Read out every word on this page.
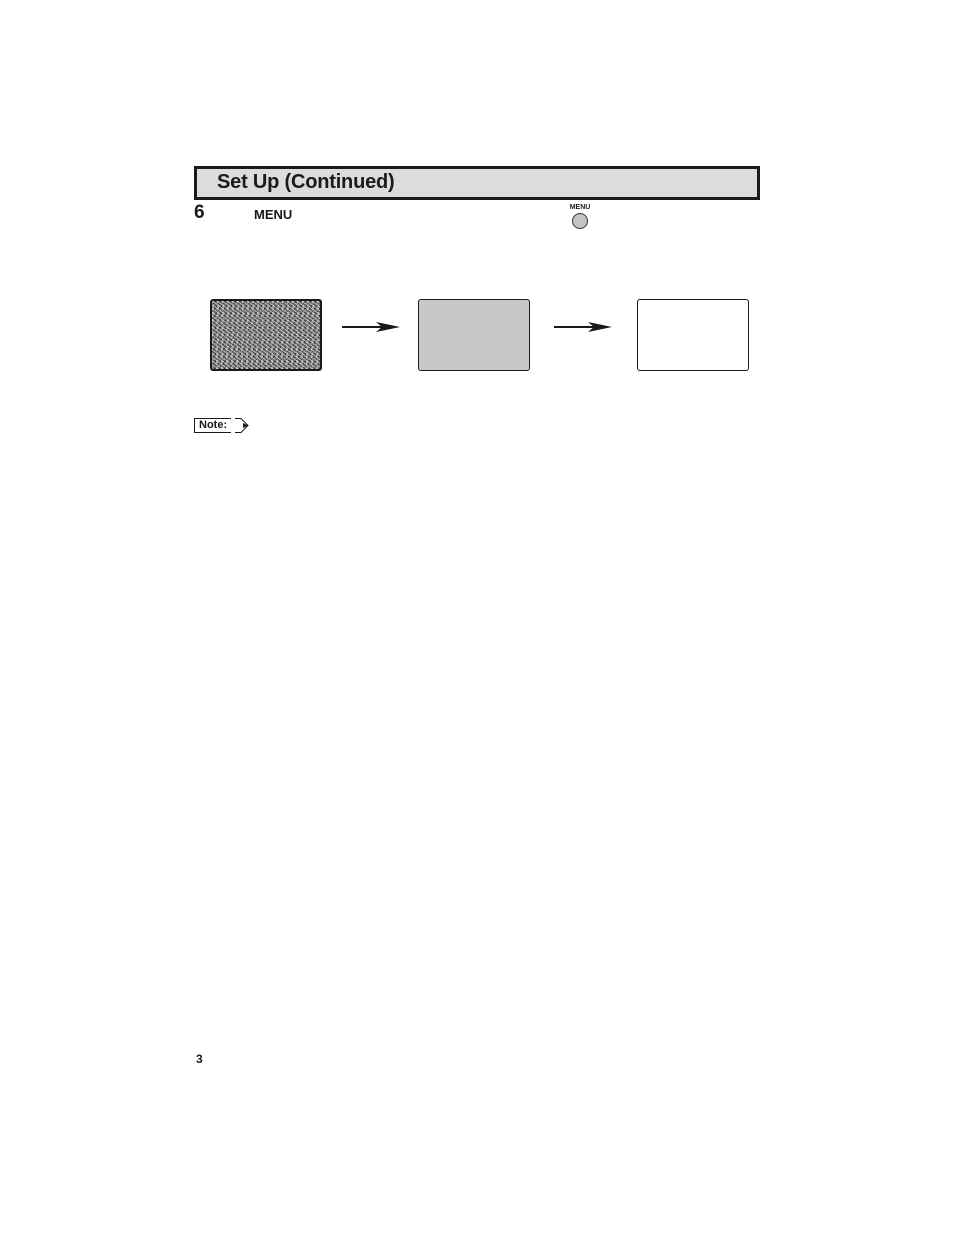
Set Up (Continued)
6	MENU	MENU
Note:
3
